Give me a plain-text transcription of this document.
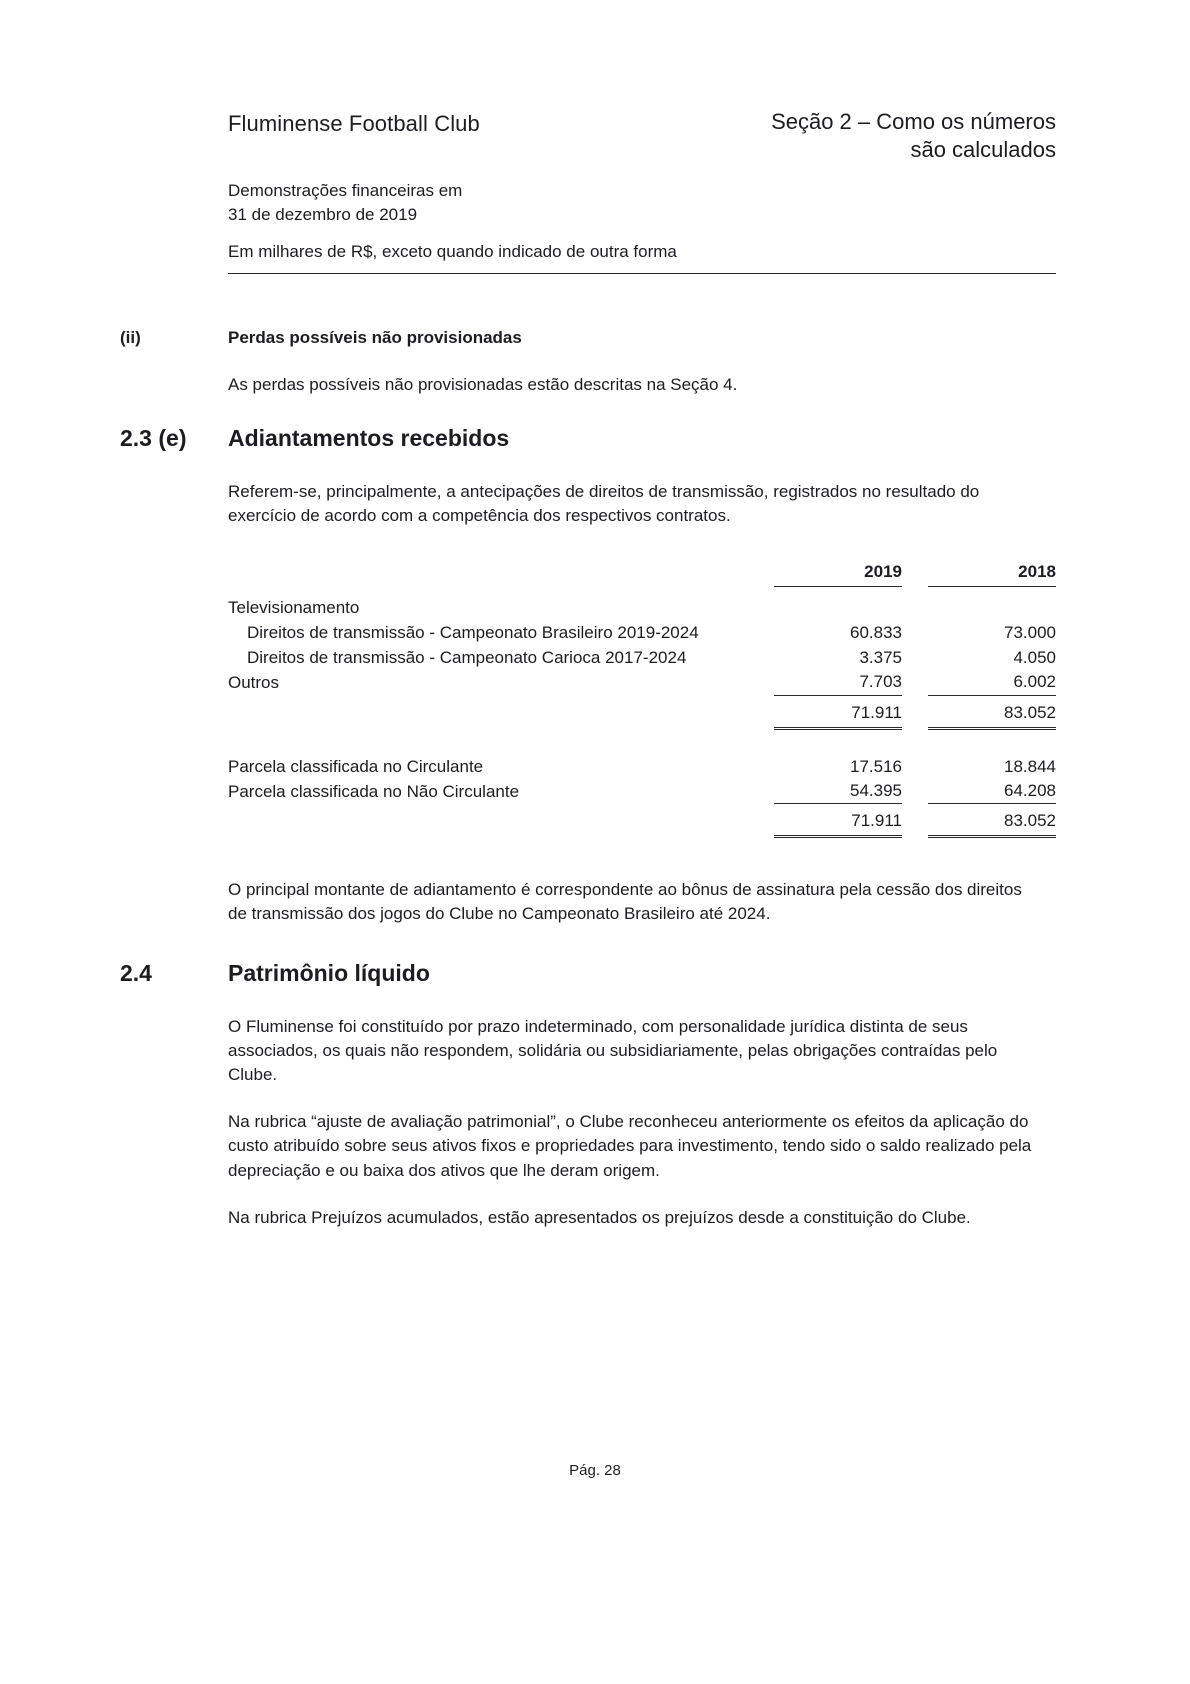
Fluminense Football Club	Seção 2 – Como os números
são calculados
Demonstrações financeiras em
31 de dezembro de 2019
Em milhares de R$, exceto quando indicado de outra forma
(ii)	Perdas possíveis não provisionadas

As perdas possíveis não provisionadas estão descritas na Seção 4.

2.3 (e)	Adiantamentos recebidos

Referem-se, principalmente, a antecipações de direitos de transmissão, registrados no resultado do exercício de acordo com a competência dos respectivos contratos.

2019	2018
Televisionamento
Direitos de transmissão - Campeonato Brasileiro 2019-2024	60.833	73.000
Direitos de transmissão - Campeonato Carioca 2017-2024	3.375	4.050
Outros	7.703	6.002
71.911	83.052
Parcela classificada no Circulante	17.516	18.844
Parcela classificada no Não Circulante	54.395	64.208
71.911	83.052

O principal montante de adiantamento é correspondente ao bônus de assinatura pela cessão dos direitos de transmissão dos jogos do Clube no Campeonato Brasileiro até 2024.

2.4	Patrimônio líquido

O Fluminense foi constituído por prazo indeterminado, com personalidade jurídica distinta de seus associados, os quais não respondem, solidária ou subsidiariamente, pelas obrigações contraídas pelo Clube.

Na rubrica “ajuste de avaliação patrimonial”, o Clube reconheceu anteriormente os efeitos da aplicação do custo atribuído sobre seus ativos fixos e propriedades para investimento, tendo sido o saldo realizado pela depreciação e ou baixa dos ativos que lhe deram origem.

Na rubrica Prejuízos acumulados, estão apresentados os prejuízos desde a constituição do Clube.

Pág. 28
